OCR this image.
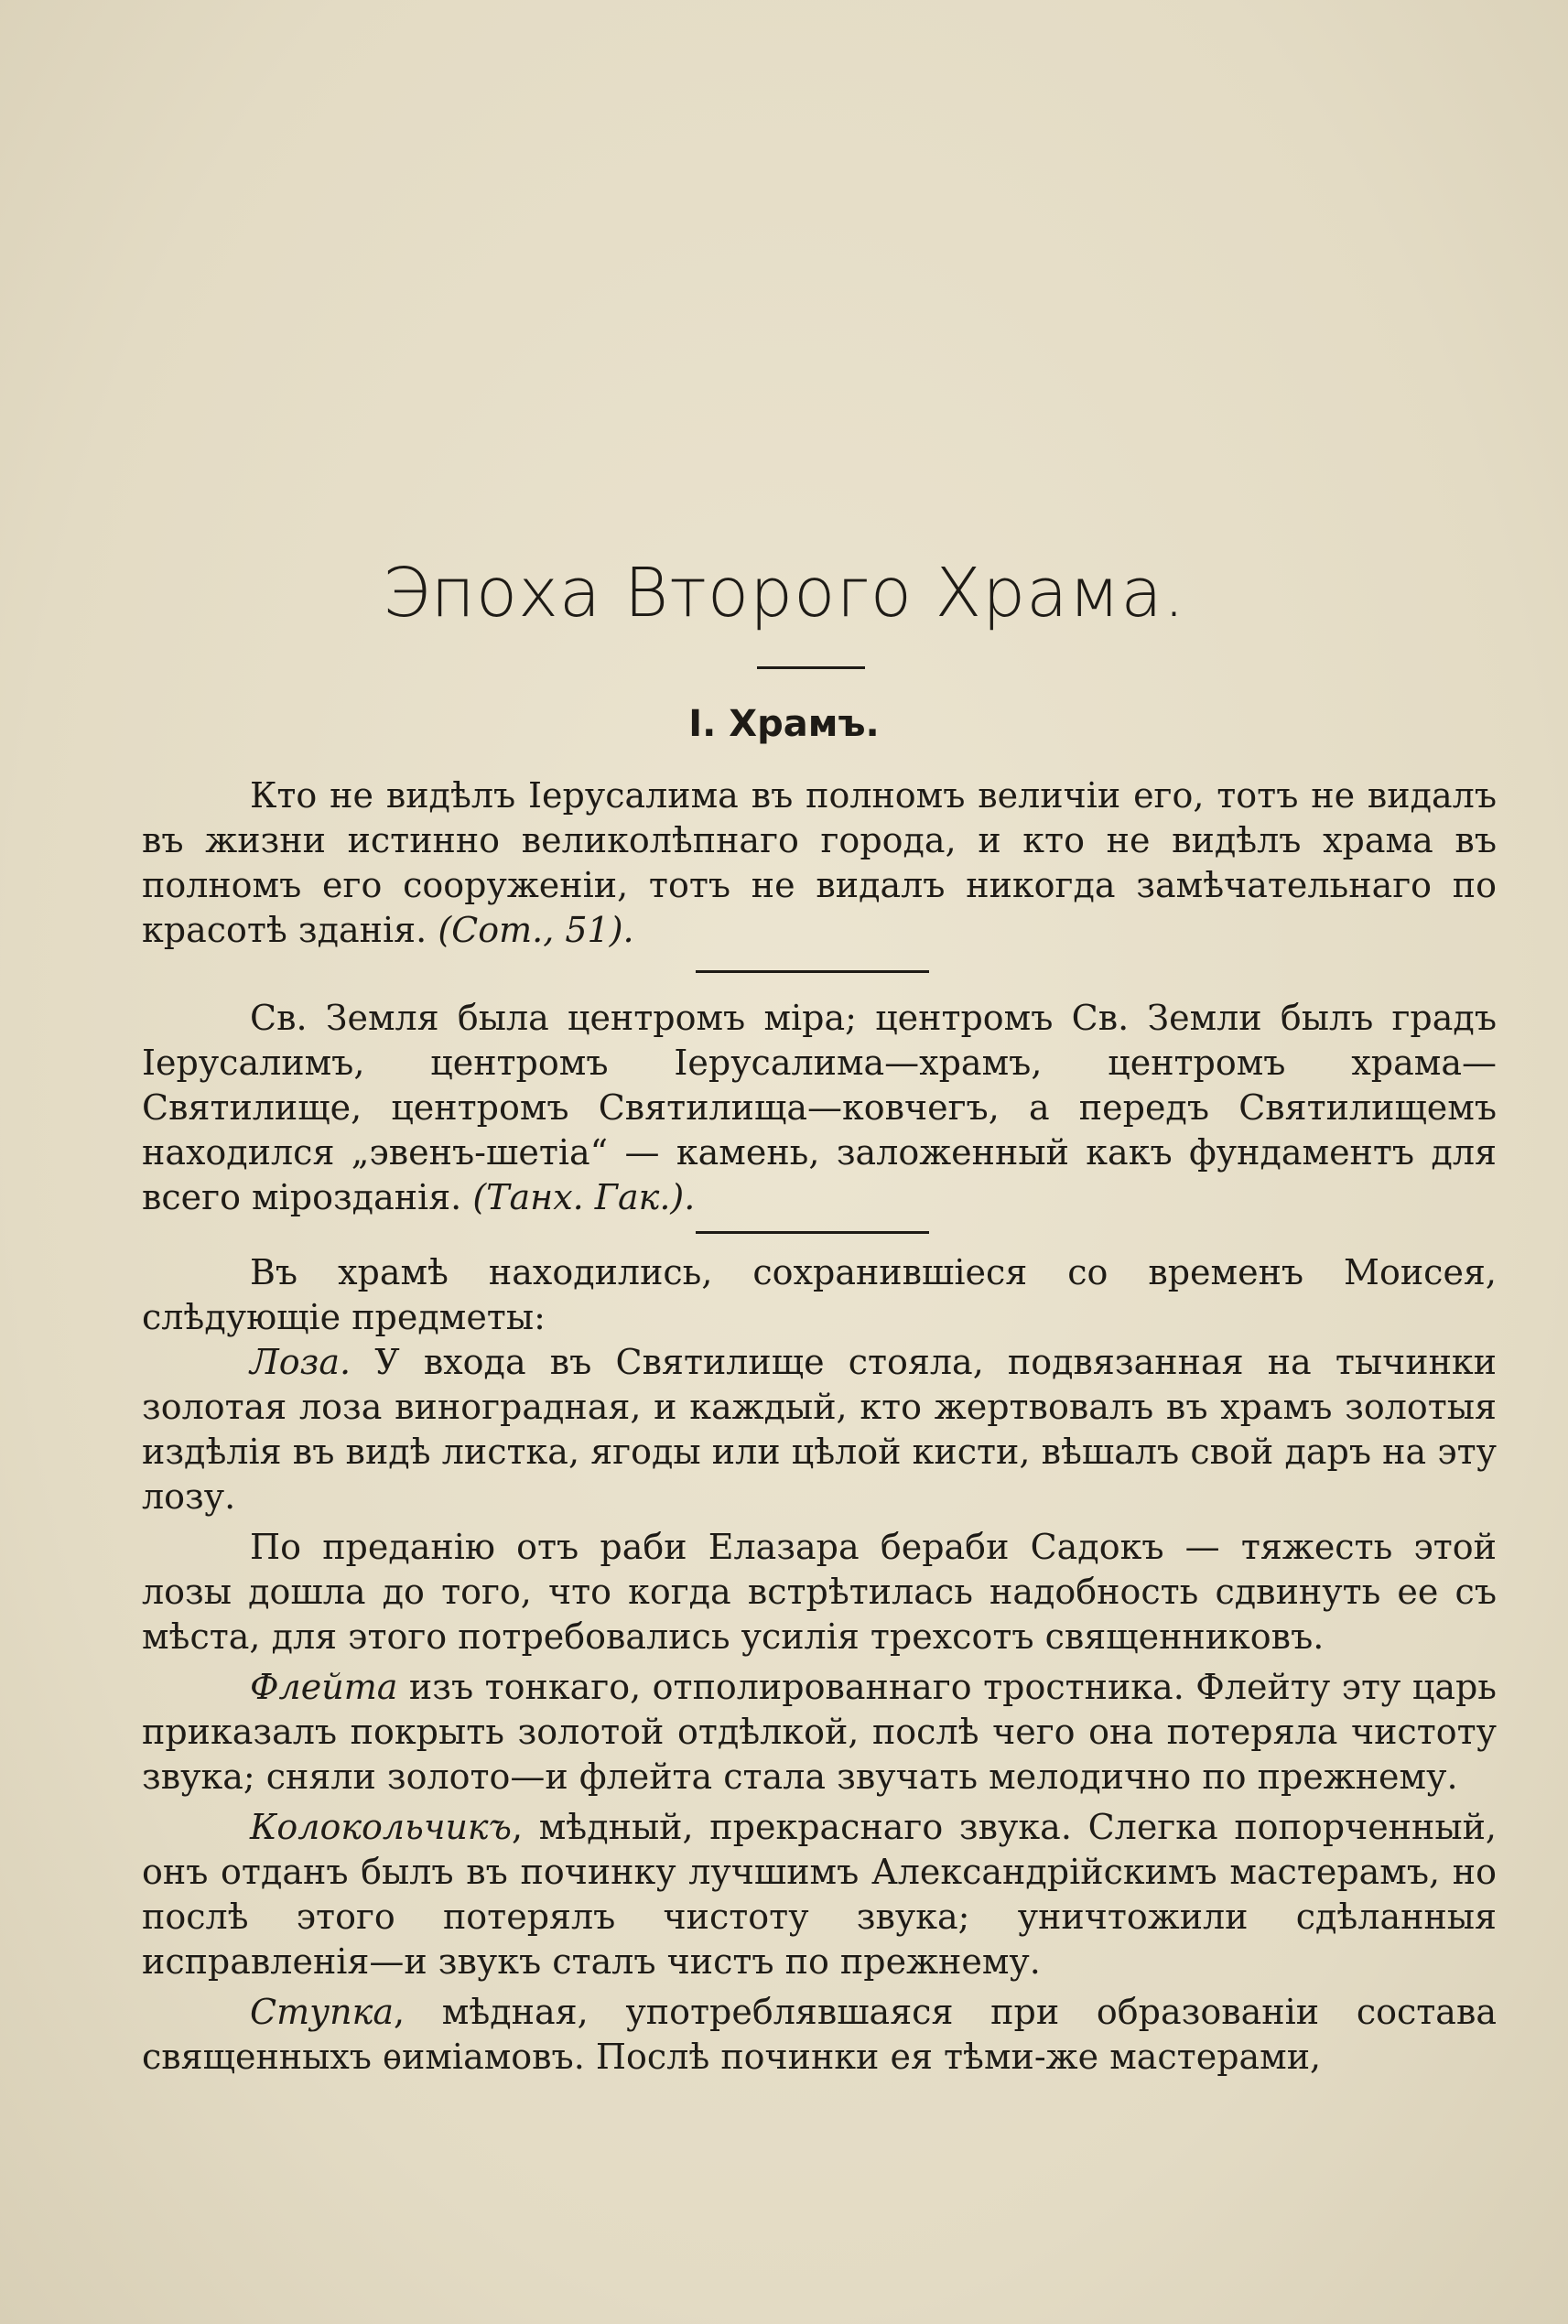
Эпоха Второго Храма.
I. Храмъ.

Кто не видѣлъ Іерусалима въ полномъ величіи его, тотъ не видалъ въ жизни истинно великолѣпнаго города, и кто не видѣлъ храма въ полномъ его сооруженіи, тотъ не видалъ никогда замѣчательнаго по красотѣ зданія. (Сот., 51).

Св. Земля была центромъ міра; центромъ Св. Земли былъ градъ Іерусалимъ, центромъ Іерусалима—храмъ, центромъ храма—Святилище, центромъ Святилища—ковчегъ, а передъ Святилищемъ находился „эвенъ-шетіа“ — камень, заложенный какъ фундаментъ для всего мірозданія. (Танх. Гак.).

Въ храмѣ находились, сохранившіеся со временъ Моисея, слѣдующіе предметы:

Лоза. У входа въ Святилище стояла, подвязанная на тычинки золотая лоза виноградная, и каждый, кто жертвовалъ въ храмъ золотыя издѣлія въ видѣ листка, ягоды или цѣлой кисти, вѣшалъ свой даръ на эту лозу.

По преданію отъ раби Елазара бераби Садокъ — тяжесть этой лозы дошла до того, что когда встрѣтилась надобность сдвинуть ее съ мѣста, для этого потребовались усилія трехсотъ священниковъ.

Флейта изъ тонкаго, отполированнаго тростника. Флейту эту царь приказалъ покрыть золотой отдѣлкой, послѣ чего она потеряла чистоту звука; сняли золото—и флейта стала звучать мелодично по прежнему.

Колокольчикъ, мѣдный, прекраснаго звука. Слегка попорченный, онъ отданъ былъ въ починку лучшимъ Александрійскимъ мастерамъ, но послѣ этого потерялъ чистоту звука; уничтожили сдѣланныя исправленія—и звукъ сталъ чистъ по прежнему.

Ступка, мѣдная, употреблявшаяся при образованіи состава священныхъ ѳиміамовъ. Послѣ починки ея тѣми-же мастерами,
